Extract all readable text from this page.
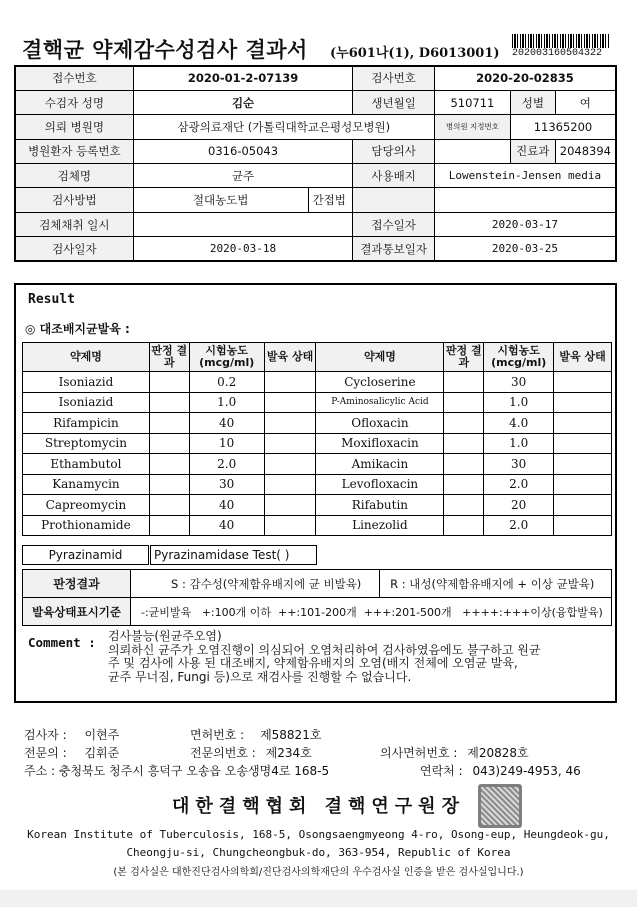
결핵균 약제감수성검사 결과서 (누601나(1), D6013001) 202003160504322
접수번호	2020-01-2-07139		검사번호	2020-20-02835		
수검자 성명	김순		생년월일	510711	성별	여
의뢰 병원명	삼광의료재단 (가톨릭대학교은평성모병원)			병의원 지정번호	11365200	
병원환자 등록번호	0316-05043		담당의사		진료과	2048394
검체명	균주		사용배지	Lowenstein-Jensen media		
검사방법	절대농도법	간접법				
검체채취 일시			접수일자	2020-03-17		
검사일자	2020-03-18		결과통보일자	2020-03-25		
Result
◎ 대조배지균발육 :
약제명	판정 결과	시험농도 (mcg/ml)	발육 상태	약제명	판정 결과	시험농도 (mcg/ml)	발육 상태
Isoniazid		0.2		Cycloserine		30	
Isoniazid		1.0		P-Aminosalicylic Acid		1.0	
Rifampicin		40		Ofloxacin		4.0	
Streptomycin		10		Moxifloxacin		1.0	
Ethambutol		2.0		Amikacin		30	
Kanamycin		30		Levofloxacin		2.0	
Capreomycin		40		Rifabutin		20	
Prothionamide		40		Linezolid		2.0	
Pyrazinamid	Pyrazinamidase Test( )
판정결과	S : 감수성(약제함유배지에 균 비발육)	R : 내성(약제함유배지에 + 이상 균발육)
발육상태표시기준	-:균비발육 +:100개 이하 ++:101-200개 +++:201-500개 ++++:+++이상(융합발육)	
Comment : 검사불능(원균주오염)
의뢰하신 균주가 오염진행이 의심되어 오염처리하여 검사하였음에도 불구하고 원균
주 및 검사에 사용 된 대조배지, 약제함유배지의 오염(배지 전체에 오염균 발육,
균주 무너짐, Fungi 등)으로 재검사를 진행할 수 없습니다.
검사자 : 이현주	면허번호 : 제58821호
전문의 : 김휘준	전문의번호 : 제234호	의사면허번호 : 제20828호
주소 : 충청북도 청주시 흥덕구 오송읍 오송생명4로 168-5	연락처 : 043)249-4953, 46
대한결핵협회 결핵연구원장
Korean Institute of Tuberculosis, 168-5, Osongsaengmyeong 4-ro, Osong-eup, Heungdeok-gu,
Cheongju-si, Chungcheongbuk-do, 363-954, Republic of Korea
(본 검사실은 대한진단검사의학회/진단검사의학재단의 우수검사실 인증을 받은 검사실입니다.)
